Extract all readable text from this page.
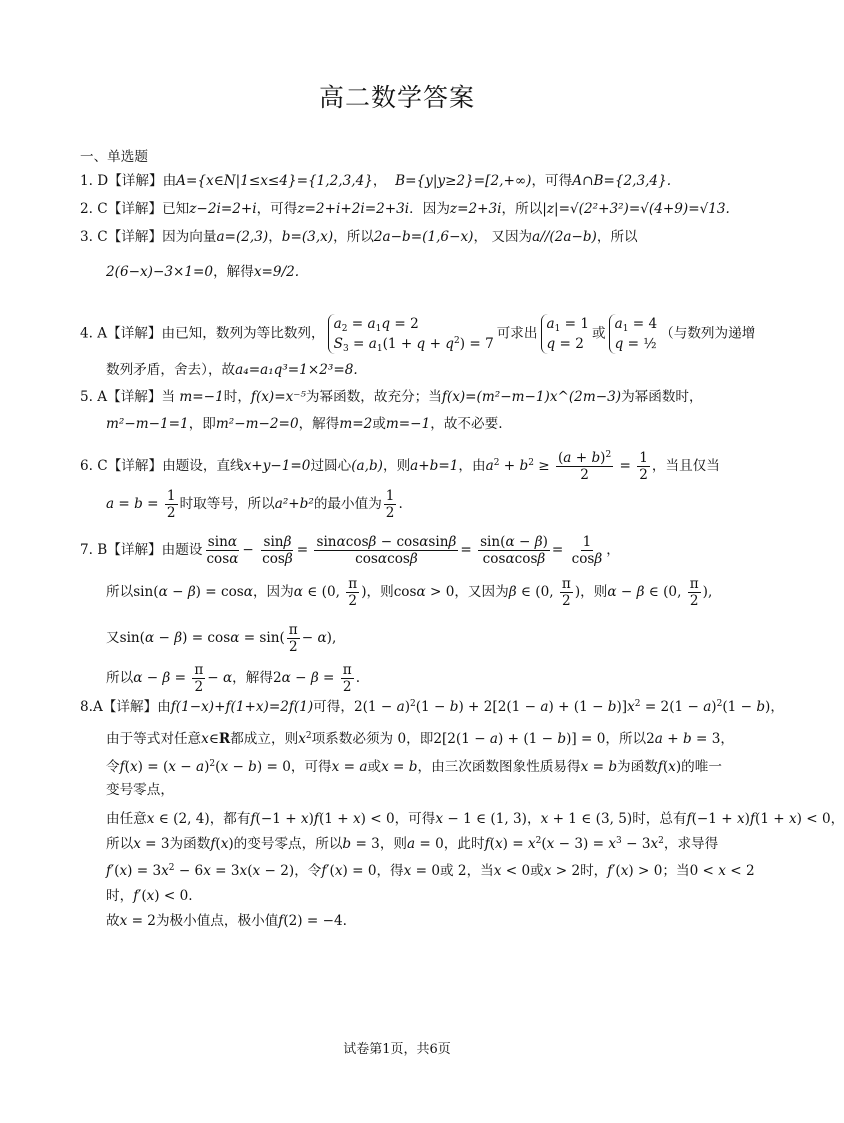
高二数学答案
一、单选题
1. D【详解】由A={x∈N|1≤x≤4}={1,2,3,4}， B={y|y≥2}=[2,+∞)，可得A∩B={2,3,4}.
2. C【详解】已知z−2i=2+i，可得z=2+i+2i=2+3i．因为z=2+3i，所以|z|=√(2²+3²)=√(4+9)=√13.
3. C【详解】因为向量a=(2,3)，b=(3,x)，所以2a−b=(1,6−x)， 又因为a//(2a−b)，所以
2(6−x)−3×1=0，解得x=9/2.
4. A【详解】由已知，数列为等比数列，
$a_2 = a_1q = 2$
$S_3 = a_1(1 + q + q^2) = 7$
可求出
$a_1 = 1$
q = 2
或
$a_1 = 4$
q = ½
（与数列为递增
数列矛盾，舍去），故a₄=a₁q³=1×2³=8.
5. A【详解】当 m=−1时，f(x)=x⁻⁵为幂函数，故充分；当f(x)=(m²−m−1)x^(2m−3)为幂函数时，
m²−m−1=1，即m²−m−2=0，解得m=2或m=−1，故不必要.
6. C【详解】由题设，直线x+y−1=0过圆心(a,b)，则a+b=1，由$a^2 + b^2 \ge \frac{(a + b)^2}{2} = \frac{1}{2}$ ，当且仅当
$a = b = \frac{1}{2}$ 时取等号，所以a²+b²的最小值为 $\frac{1}{2}$ .
7. B【详解】由题设 $\frac{\sin\alpha}{\cos\alpha} - \frac{\sin\beta}{\cos\beta} = \frac{\sin\alpha\cos\beta - \cos\alpha\sin\beta}{\cos\alpha\cos\beta} = \frac{\sin(\alpha - \beta)}{\cos\alpha\cos\beta} = \frac{1}{\cos\beta}$ ，
所以sin(α − β) = cosα，因为α ∈ (0, $\frac{\pi}{2}$ )，则cosα > 0，又因为β ∈ (0, $\frac{\pi}{2}$ )，则α − β ∈ (0, $\frac{\pi}{2}$ ),
又$\sin(\alpha - \beta) = \cos\alpha = \sin( \frac{\pi}{2} - \alpha)$,
所以$\alpha - \beta = \frac{\pi}{2} - \alpha$，解得$2\alpha - \beta = \frac{\pi}{2}$ .
8.A【详解】由f(1−x)+f(1+x)=2f(1)可得，$2(1 - a)^2(1 - b) + 2[2(1 - a) + (1 - b)]x^2 = 2(1 - a)^2(1 - b)$，
由于等式对任意x∈R都成立，则$x^2$项系数必须为 0，即2[2(1 − a) + (1 − b)] = 0，所以2a + b = 3，
令$f(x) = (x - a)^2(x - b) = 0$，可得x = a或x = b，由三次函数图象性质易得x = b为函数f(x)的唯一
变号零点，
由任意x ∈ (2, 4)，都有f(−1 + x)f(1 + x) < 0，可得x − 1 ∈ (1, 3)，x + 1 ∈ (3, 5)时，总有f(−1 + x)f(1 + x) < 0，
所以x = 3为函数f(x)的变号零点，所以b = 3，则a = 0，此时$f(x) = x^2(x - 3) = x^3 - 3x^2$，求导得
$f'(x) = 3x^2 - 6x = 3x(x - 2)$，令f′(x) = 0，得x = 0或 2，当x < 0或x > 2时，f′(x) > 0；当0 < x < 2
时，f′(x) < 0.
故x = 2为极小值点，极小值f(2) = −4.
试卷第1页，共6页
